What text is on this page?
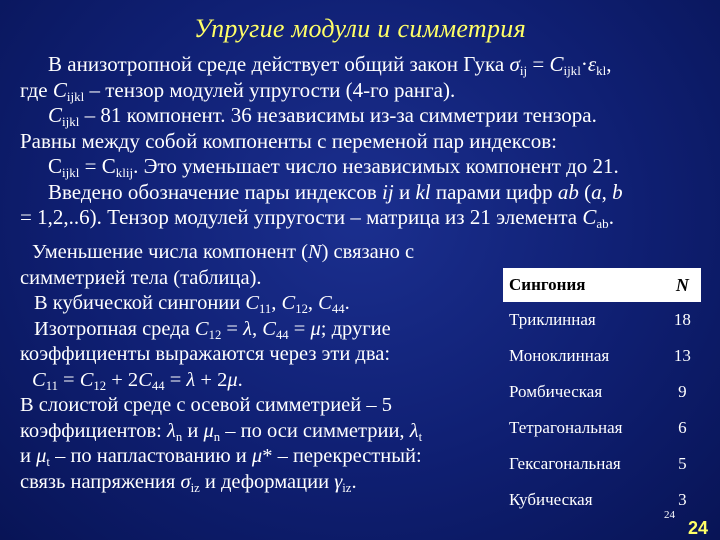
Упругие модули и симметрия

В анизотропной среде действует общий закон Гука $\sigma_{ij} = C_{ijkl}\cdot\varepsilon_{kl}$,

где $C_{ijkl}$ – тензор модулей упругости (4-го ранга).

$C_{ijkl} - 81$ компонент. 36 независимы из-за симметрии тензора.

Равны между собой компоненты с переменой пар индексов:

$C_{ijkl} = C_{klij}$. Это уменьшает число независимых компонент до 21.

Введено обозначение пары индексов ij и kl парами цифр ab (a, b

= 1,2,..6). Тензор модулей упругости – матрица из 21 элемента $C_{ab}$.

Уменьшение числа компонент (N) связано с

симметрией тела (таблица).

В кубической сингонии $C_{11}$, $C_{12}$, $C_{44}$.

Изотропная среда $C_{12} = \lambda$, $C_{44} = \mu$; другие

коэффициенты выражаются через эти два:

$C_{11} = C_{12} + 2C_{44} = \lambda + 2\mu$.

В слоистой среде с осевой симметрией – 5

коэффициентов: $\lambda_n$ и $\mu_n$ – по оси симметрии, $\lambda_t$

и $\mu_t$ – по напластованию и μ* – перекрестный:

связь напряжения $\sigma_{iz}$ и деформации $\gamma_{iz}$.

Сингония	N
Триклинная	18
Моноклинная	13
Ромбическая	9
Тетрагональная	6
Гексагональная	5
Кубическая	3
24
24
